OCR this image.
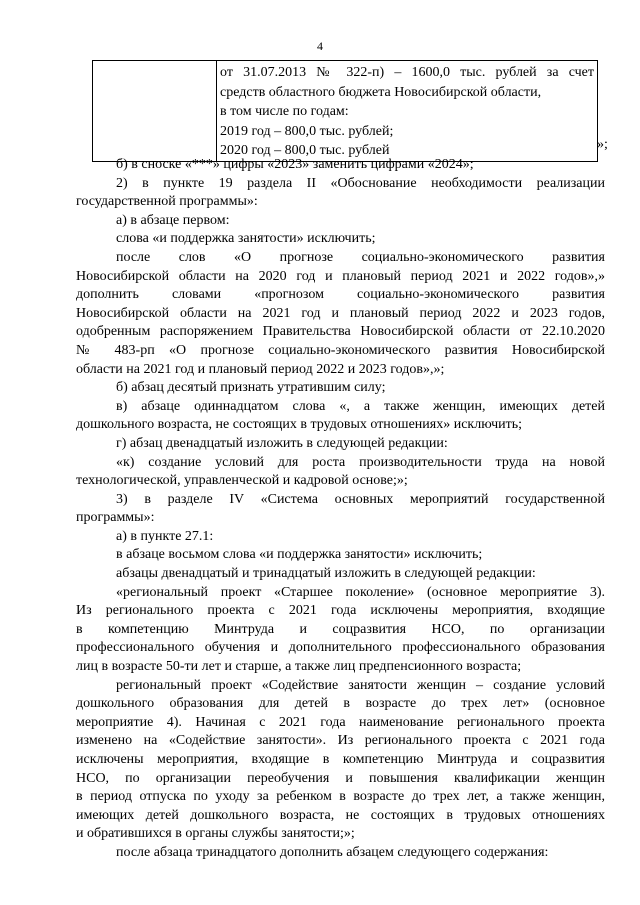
4

от 31.07.2013 № 322-п) – 1600,0 тыс. рублей за счет
средств областного бюджета Новосибирской области,
в том числе по годам:
2019 год – 800,0 тыс. рублей;
2020 год – 800,0 тыс. рублей	»;
б) в сноске «***» цифры «2023» заменить цифрами «2024»;
2) в пункте 19 раздела II «Обоснование необходимости реализации
государственной программы»:
а) в абзаце первом:
слова «и поддержка занятости» исключить;
после слов «О прогнозе социально-экономического развития
Новосибирской области на 2020 год и плановый период 2021 и 2022 годов»,»
дополнить словами «прогнозом социально-экономического развития
Новосибирской области на 2021 год и плановый период 2022 и 2023 годов,
одобренным распоряжением Правительства Новосибирской области от 22.10.2020
№ 483-рп «О прогнозе социально-экономического развития Новосибирской
области на 2021 год и плановый период 2022 и 2023 годов»,»;
б) абзац десятый признать утратившим силу;
в) абзаце одиннадцатом слова «, а также женщин, имеющих детей
дошкольного возраста, не состоящих в трудовых отношениях» исключить;
г) абзац двенадцатый изложить в следующей редакции:
«к) создание условий для роста производительности труда на новой
технологической, управленческой и кадровой основе;»;
3) в разделе IV «Система основных мероприятий государственной
программы»:
а) в пункте 27.1:
в абзаце восьмом слова «и поддержка занятости» исключить;
абзацы двенадцатый и тринадцатый изложить в следующей редакции:
«региональный проект «Старшее поколение» (основное мероприятие 3).
Из регионального проекта с 2021 года исключены мероприятия, входящие
в компетенцию Минтруда и соцразвития НСО, по организации
профессионального обучения и дополнительного профессионального образования
лиц в возрасте 50-ти лет и старше, а также лиц предпенсионного возраста;
региональный проект «Содействие занятости женщин – создание условий
дошкольного образования для детей в возрасте до трех лет» (основное
мероприятие 4). Начиная с 2021 года наименование регионального проекта
изменено на «Содействие занятости». Из регионального проекта с 2021 года
исключены мероприятия, входящие в компетенцию Минтруда и соцразвития
НСО, по организации переобучения и повышения квалификации женщин
в период отпуска по уходу за ребенком в возрасте до трех лет, а также женщин,
имеющих детей дошкольного возраста, не состоящих в трудовых отношениях
и обратившихся в органы службы занятости;»;
после абзаца тринадцатого дополнить абзацем следующего содержания:
